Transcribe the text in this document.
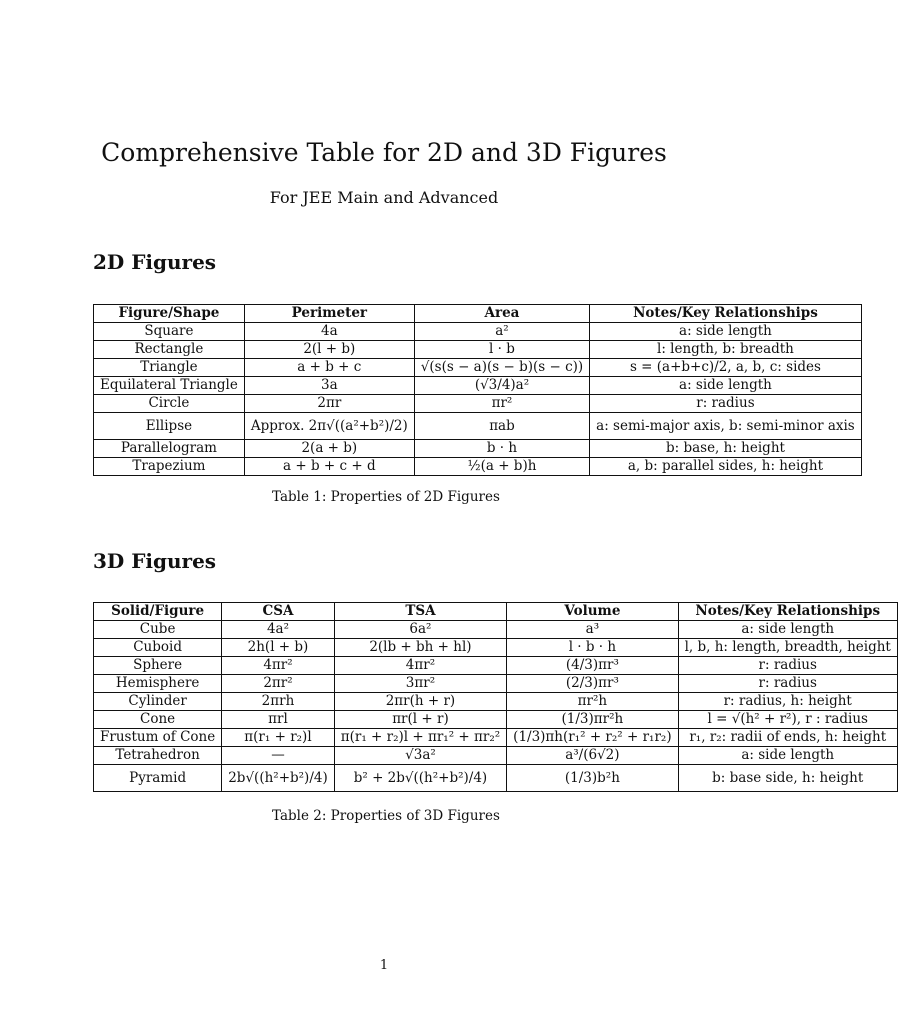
Comprehensive Table for 2D and 3D Figures
For JEE Main and Advanced
2D Figures
Figure/Shape	Perimeter	Area	Notes/Key Relationships
Square	4a	a²	a: side length
Rectangle	2(l + b)	l · b	l: length, b: breadth
Triangle	a + b + c	√(s(s − a)(s − b)(s − c))	s = (a+b+c)/2, a, b, c: sides
Equilateral Triangle	3a	(√3/4)a²	a: side length
Circle	2πr	πr²	r: radius
Ellipse	Approx. 2π√((a²+b²)/2)	πab	a: semi-major axis, b: semi-minor axis
Parallelogram	2(a + b)	b · h	b: base, h: height
Trapezium	a + b + c + d	½(a + b)h	a, b: parallel sides, h: height
Table 1: Properties of 2D Figures
3D Figures
Solid/Figure	CSA	TSA	Volume	Notes/Key Relationships
Cube	4a²	6a²	a³	a: side length
Cuboid	2h(l + b)	2(lb + bh + hl)	l · b · h	l, b, h: length, breadth, height
Sphere	4πr²	4πr²	(4/3)πr³	r: radius
Hemisphere	2πr²	3πr²	(2/3)πr³	r: radius
Cylinder	2πrh	2πr(h + r)	πr²h	r: radius, h: height
Cone	πrl	πr(l + r)	(1/3)πr²h	l = √(h² + r²), r : radius
Frustum of Cone	π(r₁ + r₂)l	π(r₁ + r₂)l + πr₁² + πr₂²	(1/3)πh(r₁² + r₂² + r₁r₂)	r₁, r₂: radii of ends, h: height
Tetrahedron	—	√3a²	a³/(6√2)	a: side length
Pyramid	2b√((h²+b²)/4)	b² + 2b√((h²+b²)/4)	(1/3)b²h	b: base side, h: height
Table 2: Properties of 3D Figures
1
